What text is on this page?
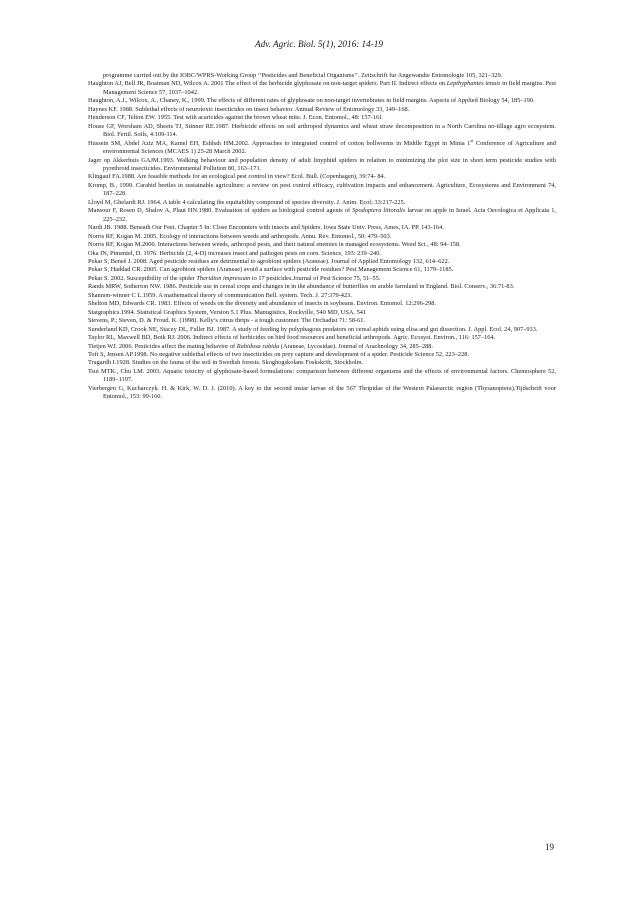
Adv. Agric. Biol. 5(1), 2016: 14-19

programme carried out by the IOBC/WPRS-Working Group ‘‘Pesticides and Beneficial Organisms’’. Zeitschrift fur Angewandte Entomologie 105, 321–329.

Haughton AJ, Bell JR, Boatman ND, Wilcox A. 2001 The effect of the herbicide glyphosate on non-target spiders. Part II. Indirect effects on Lepthyphantes tenuis in field margins. Pest Management Science 57, 1037–1042.

Haughton, A.J., Wilcox, A., Chaney, K., 1999. The effects of different rates of glyphosate on non-target invertebrates in field margins. Aspects of Applied Biology 54, 185–190.

Haynes KF. 1988. Sublethal effects of neurotoxic insecticides on insect behavior. Annual Review of Entomology 33, 149–168.

Henderson CF, Telton EW. 1955. Test with acaricides against the brown wheat mite. J. Econ. Entomol., 48: 157-161

House GF, Worsham AD, Sheets TJ, Stinner RE.1987. Herbicide effects on soil arthropod dynamics and wheat straw decomposition in a North Carolina no-tillage agro ecosystem. Biol. Fertil. Soils, 4:109-114.

Hussein SM, Abdel Aziz MA, Kamel EH, Eshbah HM.2002. Approaches to integrated control of cotton bollworms in Middle Egypt in Minia 1st Conference of Agriculture and environmental Sciences (MCAES 1) 25-28 March 2002.

Jager op Akkerhuis GAJM.1993. Walking behaviour and population density of adult linyphiid spiders in relation to minimizing the plot size in short term pesticide studies with pyrethroid insecticides. Environmental Pollution 80, 163–171.

Klingauf FA.1988. Are feasible methods for an ecological pest control in view? Ecol. Bull. (Copenhagen), 39:74- 84.

Kromp, B., 1999. Carabid beetles in sustainable agriculture: a review on pest control efficacy, cultivation impacts and enhancement. Agriculture, Ecosystems and Environment 74, 187–228.

Lloyd M, Ghelardi RJ. 1964. A table 4 calculating the equitability compound of species diversity. J. Anim. Ecol; 33:217-225.

Mansour F, Rosen D, Shalov A, Plaut HN.1980. Evaluation of spiders as biological control agents of Spodoptera littoralis larvae on apple in Israel. Acta Oecologica et Applicata 1, 225–232.

Nardi JB. 1988. Beneath Our Feet. Chapter 5 In: Close Encounters with insects and Spiders. Iowa State Univ. Press, Ames, IA. PP. 143-164.

Norris RF, Kogan M. 2005. Ecology of interactions between weeds and arthropods. Annu. Rev. Entomol., 50: 479–503.

Norris RF, Kogan M.2000. Interactions between weeds, arthropod pests, and their natural enemies in managed ecosystems. Weed Sci., 48: 94–158.

Oka IN, Pimentel, D. 1976. Herbicide (2, 4-D) increases insect and pathogen pests on corn. Science, 193: 239–240.

Pekar S, Beneš J. 2008. Aged pesticide residues are detrimental to agrobiont spiders (Araneae). Journal of Applied Entomology 132, 614–622.

Pekar S, Haddad CR. 2005. Can agrobiont spiders (Araneae) avoid a surface with pesticide residues? Pest Management Science 61, 1179–1185.

Pekar S. 2002. Susceptibility of the spider Theridion impressum to 17 pesticides.Journal of Pest Science 75, 51–55.

Rands MRW, Sotherton NW. 1986. Pesticide use in cereal crops and changes in in the abundance of butterflies on arable farmland in England. Biol. Conserv., 36:71-83.

Shannon-winner C L.1959. A mathematical theory of communication Bell. system. Tech. J. 27:379-423.

Shelton MD, Edwards CR. 1983. Effects of weeds on the diversity and abundance of insects in soybeans. Environ. Entomol. 12:296-298.

Statgraphics.1994. Statistical Graphics System, Version 5.1 Plus. Manugistics, Rockville, 540 MD, USA. 541

Stevens, P.; Steven, D. & Froud. K. (1998). Kelly’s citrus thrips - a tough customer. The Orchadist 71: 58-61.

Sunderland KD, Crook NE, Stacey DL, Fuller BJ. 1987. A study of feeding by polyphagous predators on cereal aphids using elisa and gut dissection. J. Appl. Ecol. 24, 907–933.

Taylor RL, Maxwell BD, Boik RJ. 2006. Indirect effects of herbicides on bird food resources and beneficial arthropods. Agric. Ecosyst. Environ., 116: 157–164.

Tietjen WJ. 2006. Pesticides affect the mating behavior of Rabidosa rabida (Araneae, Lycosidae). Journal of Arachnology 34, 285–288.

Toft S, Jensen AP.1998. No negative sublethal effects of two insecticides on prey capture and development of a spider. Pesticide Science 52, 223–228.

Tragardh I.1928. Studies on the fauna of the soil in Swedish forests. Skoghogskolans Foskskrift, Stockholm.

Tsui MTK., Chu LM. 2003. Aquatic toxicity of glyphosate-based formulations: comparison between different organisms and the effects of environmental factors. Chemosphere 52, 1189–1197.

Vierbergen G, Kucharczyk. H. & Kirk, W. D. J. (2010). A key to the second instar larvae of the 567 Thripidae of the Western Palaearctic region (Thysanoptera).Tijdschrift voor Entomol., 153: 99-160.

19
